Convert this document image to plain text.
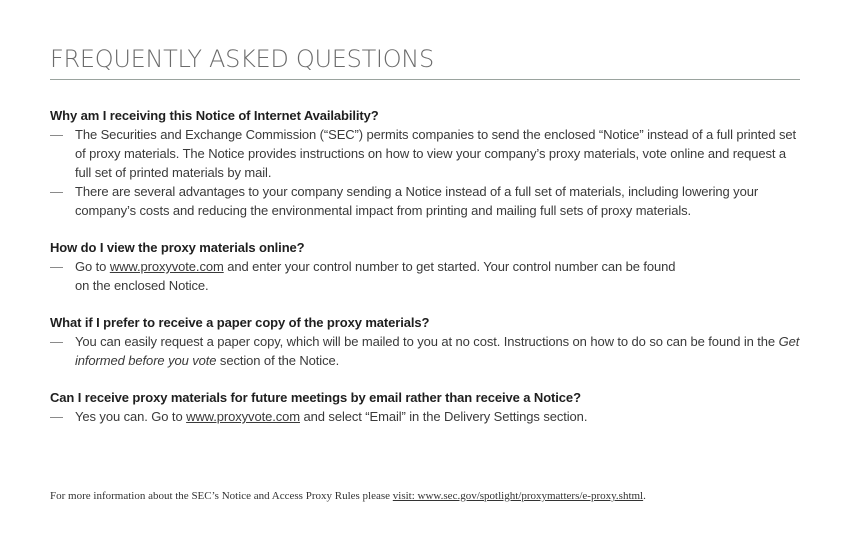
FREQUENTLY ASKED QUESTIONS
Why am I receiving this Notice of Internet Availability?
— The Securities and Exchange Commission (“SEC”) permits companies to send the enclosed “Notice” instead of a full printed set of proxy materials. The Notice provides instructions on how to view your company’s proxy materials, vote online and request a full set of printed materials by mail.
— There are several advantages to your company sending a Notice instead of a full set of materials, including lowering your company’s costs and reducing the environmental impact from printing and mailing full sets of proxy materials.
How do I view the proxy materials online?
— Go to www.proxyvote.com and enter your control number to get started. Your control number can be found
on the enclosed Notice.
What if I prefer to receive a paper copy of the proxy materials?
— You can easily request a paper copy, which will be mailed to you at no cost. Instructions on how to do so can be found in the Get informed before you vote section of the Notice.
Can I receive proxy materials for future meetings by email rather than receive a Notice?
— Yes you can. Go to www.proxyvote.com and select “Email” in the Delivery Settings section.

For more information about the SEC’s Notice and Access Proxy Rules please visit: www.sec.gov/spotlight/proxymatters/e-proxy.shtml.
